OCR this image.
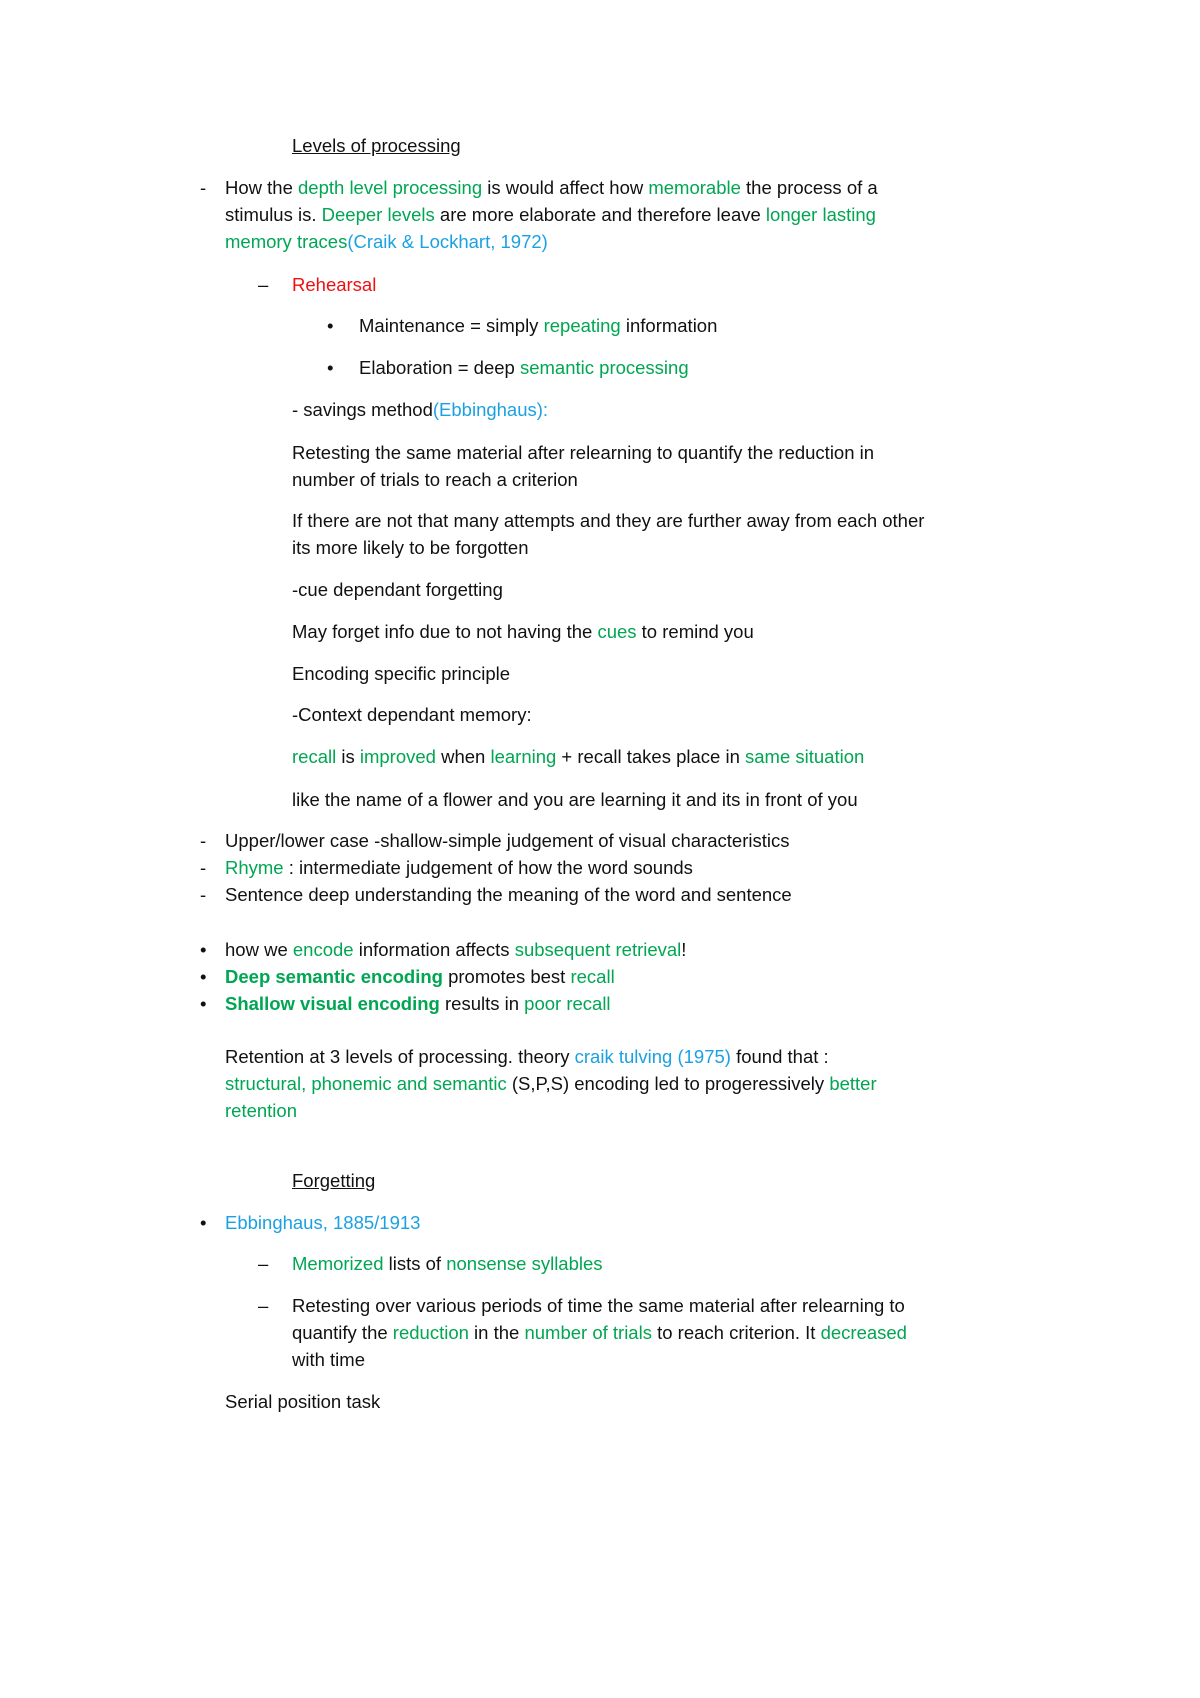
Levels of processing
- How the depth level processing is would affect how memorable the process of a
stimulus is. Deeper levels are more elaborate and therefore leave longer lasting
memory traces(Craik & Lockhart, 1972)
– Rehearsal
• Maintenance = simply repeating information
• Elaboration = deep semantic processing
- savings method(Ebbinghaus):
Retesting the same material after relearning to quantify the reduction in
number of trials to reach a criterion
If there are not that many attempts and they are further away from each other
its more likely to be forgotten
-cue dependant forgetting
May forget info due to not having the cues to remind you
Encoding specific principle
-Context dependant memory:
recall is improved when learning + recall takes place in same situation
like the name of a flower and you are learning it and its in front of you
- Upper/lower case -shallow-simple judgement of visual characteristics
- Rhyme : intermediate judgement of how the word sounds
- Sentence deep understanding the meaning of the word and sentence
• how we encode information affects subsequent retrieval!
• Deep semantic encoding promotes best recall
• Shallow visual encoding results in poor recall
Retention at 3 levels of processing. theory craik tulving (1975) found that :
structural, phonemic and semantic (S,P,S) encoding led to progeressively better
retention
Forgetting
• Ebbinghaus, 1885/1913
– Memorized lists of nonsense syllables
– Retesting over various periods of time the same material after relearning to
quantify the reduction in the number of trials to reach criterion. It decreased
with time
Serial position task
